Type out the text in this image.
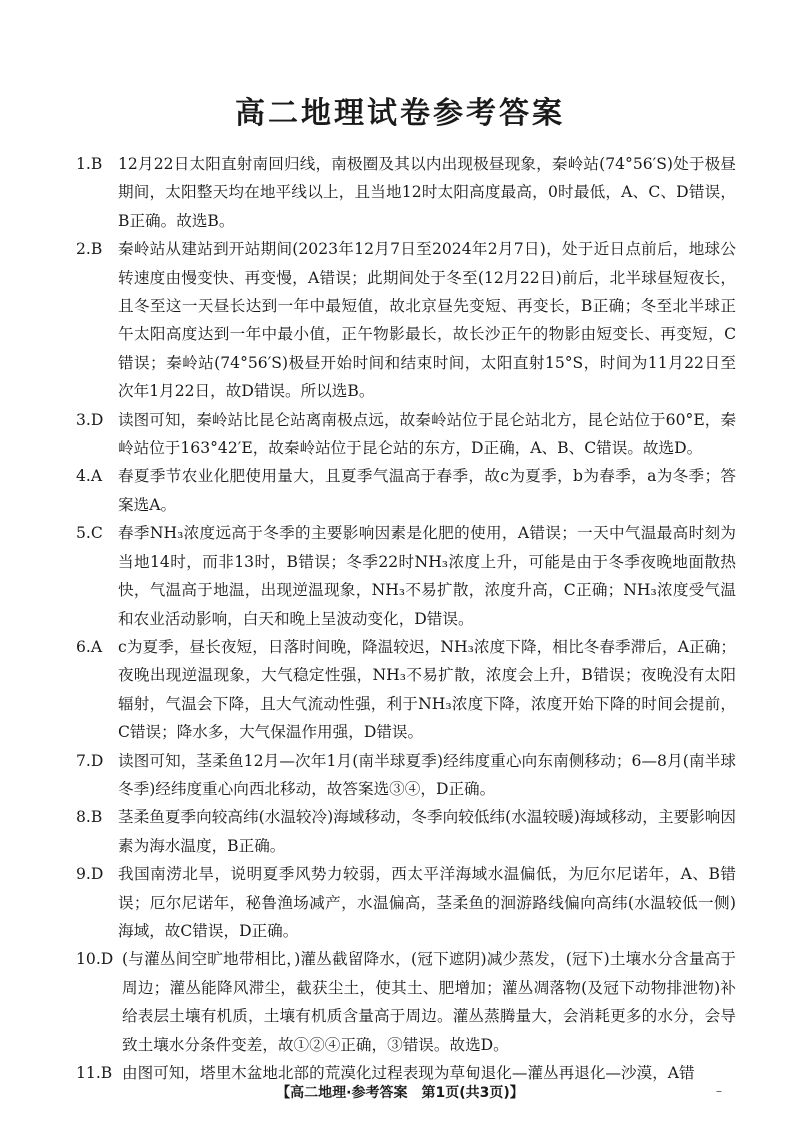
高二地理试卷参考答案
1.B	12月22日太阳直射南回归线，南极圈及其以内出现极昼现象，秦岭站(74°56′S)处于极昼期间，太阳整天均在地平线以上，且当地12时太阳高度最高，0时最低，A、C、D错误，B正确。故选B。
2.B	秦岭站从建站到开站期间(2023年12月7日至2024年2月7日)，处于近日点前后，地球公转速度由慢变快、再变慢，A错误；此期间处于冬至(12月22日)前后，北半球昼短夜长，且冬至这一天昼长达到一年中最短值，故北京昼先变短、再变长，B正确；冬至北半球正午太阳高度达到一年中最小值，正午物影最长，故长沙正午的物影由短变长、再变短，C错误；秦岭站(74°56′S)极昼开始时间和结束时间，太阳直射15°S，时间为11月22日至次年1月22日，故D错误。所以选B。
3.D 读图可知，秦岭站比昆仑站离南极点远，故秦岭站位于昆仑站北方，昆仑站位于60°E，秦岭站位于163°42′E，故秦岭站位于昆仑站的东方，D正确，A、B、C错误。故选D。
4.A	春夏季节农业化肥使用量大，且夏季气温高于春季，故c为夏季，b为春季，a为冬季；答案选A。
5.C 春季NH₃浓度远高于冬季的主要影响因素是化肥的使用，A错误；一天中气温最高时刻为当地14时，而非13时，B错误；冬季22时NH₃浓度上升，可能是由于冬季夜晚地面散热快，气温高于地温，出现逆温现象，NH₃不易扩散，浓度升高，C正确；NH₃浓度受气温和农业活动影响，白天和晚上呈波动变化，D错误。
6.A	c为夏季，昼长夜短，日落时间晚，降温较迟，NH₃浓度下降，相比冬春季滞后，A正确；夜晚出现逆温现象，大气稳定性强，NH₃不易扩散，浓度会上升，B错误；夜晚没有太阳辐射，气温会下降，且大气流动性强，利于NH₃浓度下降，浓度开始下降的时间会提前，C错误；降水多，大气保温作用强，D错误。
7.D 读图可知，茎柔鱼12月—次年1月(南半球夏季)经纬度重心向东南侧移动；6—8月(南半球冬季)经纬度重心向西北移动，故答案选③④，D正确。
8.B	茎柔鱼夏季向较高纬(水温较冷)海域移动，冬季向较低纬(水温较暖)海域移动，主要影响因素为海水温度，B正确。
9.D 我国南涝北旱，说明夏季风势力较弱，西太平洋海域水温偏低，为厄尔尼诺年，A、B错误；厄尔尼诺年，秘鲁渔场减产，水温偏高，茎柔鱼的洄游路线偏向高纬(水温较低一侧)海域，故C错误，D正确。
10.D (与灌丛间空旷地带相比，)灌丛截留降水，(冠下遮阴)减少蒸发，(冠下)土壤水分含量高于周边；灌丛能降风滞尘，截获尘土，使其土、肥增加；灌丛凋落物(及冠下动物排泄物)补给表层土壤有机质，土壤有机质含量高于周边。灌丛蒸腾量大，会消耗更多的水分，会导致土壤水分条件变差，故①②④正确，③错误。故选D。
11.B 由图可知，塔里木盆地北部的荒漠化过程表现为草甸退化—灌丛再退化—沙漠，A错
【高二地理·参考答案　第1页(共3页)】	–
